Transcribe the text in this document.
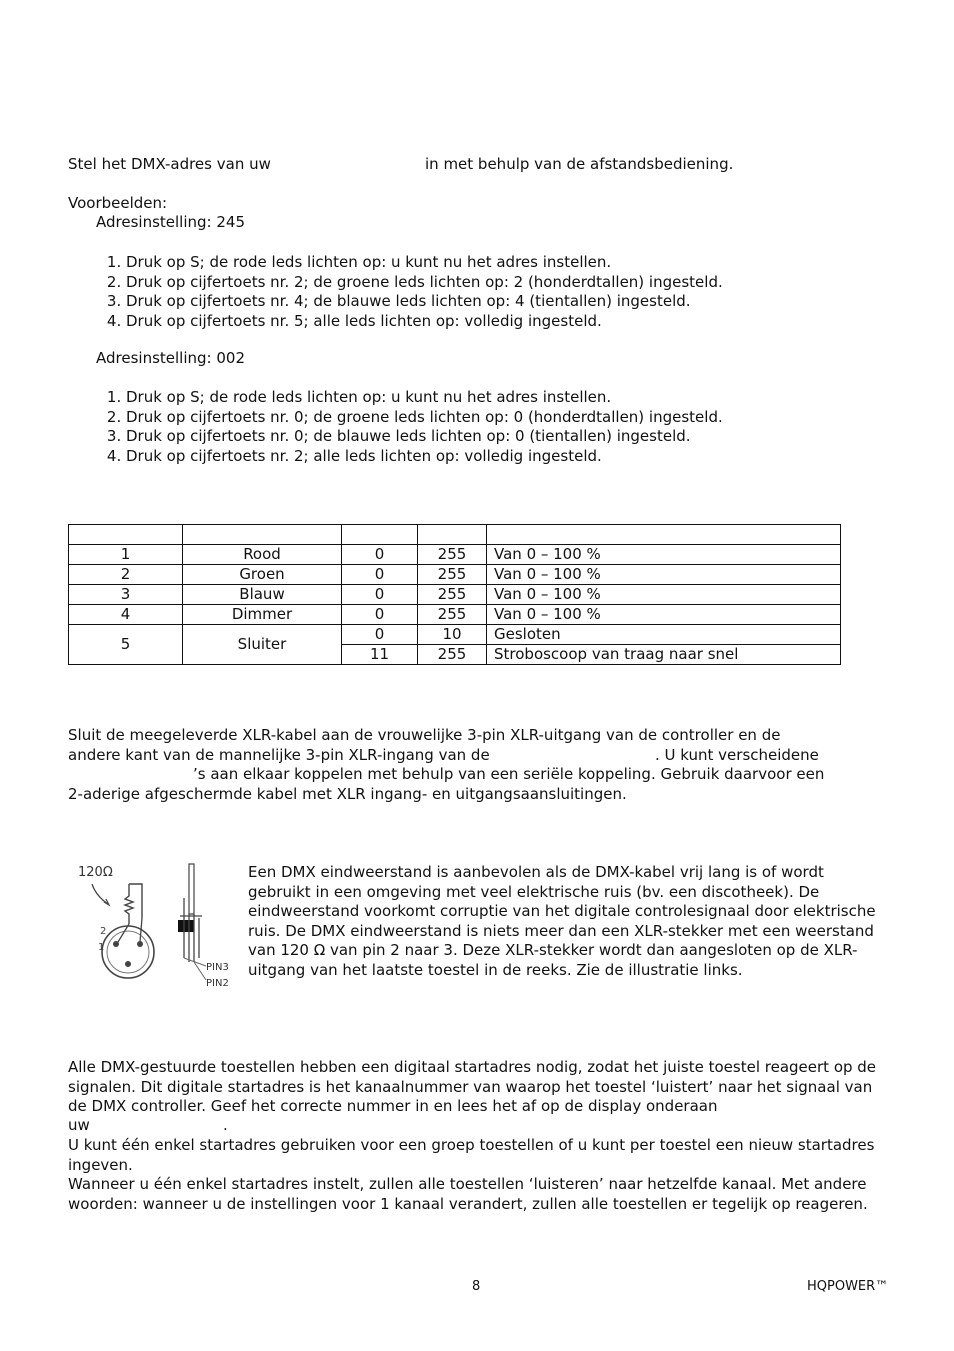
Stel het DMX-adres van uw	in met behulp van de afstandsbediening.
Voorbeelden:
Adresinstelling: 245
1. Druk op S; de rode leds lichten op: u kunt nu het adres instellen.
2. Druk op cijfertoets nr. 2; de groene leds lichten op: 2 (honderdtallen) ingesteld.
3. Druk op cijfertoets nr. 4; de blauwe leds lichten op: 4 (tientallen) ingesteld.
4. Druk op cijfertoets nr. 5; alle leds lichten op: volledig ingesteld.
Adresinstelling: 002
1. Druk op S; de rode leds lichten op: u kunt nu het adres instellen.
2. Druk op cijfertoets nr. 0; de groene leds lichten op: 0 (honderdtallen) ingesteld.
3. Druk op cijfertoets nr. 0; de blauwe leds lichten op: 0 (tientallen) ingesteld.
4. Druk op cijfertoets nr. 2; alle leds lichten op: volledig ingesteld.

1	Rood	0	255	Van 0 – 100 %
2	Groen	0	255	Van 0 – 100 %
3	Blauw	0	255	Van 0 – 100 %
4	Dimmer	0	255	Van 0 – 100 %
5	Sluiter	0	10	Gesloten
		11	255	Stroboscoop van traag naar snel
Sluit de meegeleverde XLR-kabel aan de vrouwelijke 3-pin XLR-uitgang van de controller en de
andere kant van de mannelijke 3-pin XLR-ingang van de	. U kunt verscheidene
’s aan elkaar koppelen met behulp van een seriële koppeling. Gebruik daarvoor een
2-aderige afgeschermde kabel met XLR ingang- en uitgangsaansluitingen.
120Ω
2
1
PIN3
PIN2
Een DMX eindweerstand is aanbevolen als de DMX-kabel vrij lang is of wordt gebruikt in een omgeving met veel elektrische ruis (bv. een discotheek). De eindweerstand voorkomt corruptie van het digitale controlesignaal door elektrische ruis. De DMX eindweerstand is niets meer dan een XLR-stekker met een weerstand van 120 Ω van pin 2 naar 3. Deze XLR-stekker wordt dan aangesloten op de XLR-uitgang van het laatste toestel in de reeks. Zie de illustratie links.
Alle DMX-gestuurde toestellen hebben een digitaal startadres nodig, zodat het juiste toestel reageert op de signalen. Dit digitale startadres is het kanaalnummer van waarop het toestel ‘luistert’ naar het signaal van de DMX controller. Geef het correcte nummer in en lees het af op de display onderaan
uw	.
U kunt één enkel startadres gebruiken voor een groep toestellen of u kunt per toestel een nieuw startadres ingeven.
Wanneer u één enkel startadres instelt, zullen alle toestellen ‘luisteren’ naar hetzelfde kanaal. Met andere woorden: wanneer u de instellingen voor 1 kanaal verandert, zullen alle toestellen er tegelijk op reageren.
8	HQPOWER™
